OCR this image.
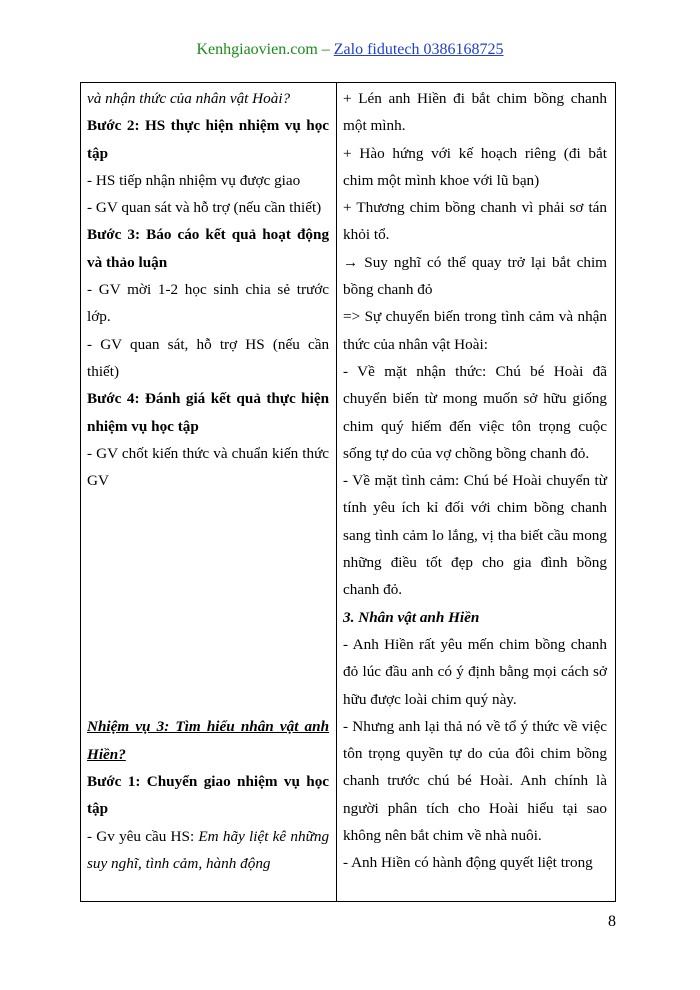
Kenhgiaovien.com – Zalo fidutech 0386168725

và nhận thức của nhân vật Hoài?

Bước 2: HS thực hiện nhiệm vụ học tập

- HS tiếp nhận nhiệm vụ được giao

- GV quan sát và hỗ trợ (nếu cần thiết)

Bước 3: Báo cáo kết quả hoạt động và thảo luận

- GV mời 1-2 học sinh chia sẻ trước lớp.

- GV quan sát, hỗ trợ HS (nếu cần thiết)

Bước 4: Đánh giá kết quả thực hiện nhiệm vụ học tập

- GV chốt kiến thức và chuẩn kiến thức GV

Nhiệm vụ 3: Tìm hiểu nhân vật anh Hiền?

Bước 1: Chuyển giao nhiệm vụ học tập

- Gv yêu cầu HS: Em hãy liệt kê những suy nghĩ, tình cảm, hành động

+ Lén anh Hiền đi bắt chim bồng chanh một mình.

+ Hào hứng với kế hoạch riêng (đi bắt chim một mình khoe với lũ bạn)

+ Thương chim bồng chanh vì phải sơ tán khỏi tổ.

→ Suy nghĩ có thể quay trở lại bắt chim bồng chanh đỏ

=> Sự chuyển biến trong tình cảm và nhận thức của nhân vật Hoài:

- Về mặt nhận thức: Chú bé Hoài đã chuyển biến từ mong muốn sở hữu giống chim quý hiếm đến việc tôn trọng cuộc sống tự do của vợ chồng bồng chanh đỏ.

- Về mặt tình cảm: Chú bé Hoài chuyển từ tính yêu ích kỉ đối với chim bồng chanh sang tình cảm lo lắng, vị tha biết cầu mong những điều tốt đẹp cho gia đình bồng chanh đỏ.

3. Nhân vật anh Hiền

- Anh Hiền rất yêu mến chim bồng chanh đỏ lúc đầu anh có ý định bằng mọi cách sở hữu được loài chim quý này.

- Nhưng anh lại thả nó về tổ ý thức về việc tôn trọng quyền tự do của đôi chim bồng chanh trước chú bé Hoài. Anh chính là người phân tích cho Hoài hiểu tại sao không nên bắt chim về nhà nuôi.

- Anh Hiền có hành động quyết liệt trong

8
